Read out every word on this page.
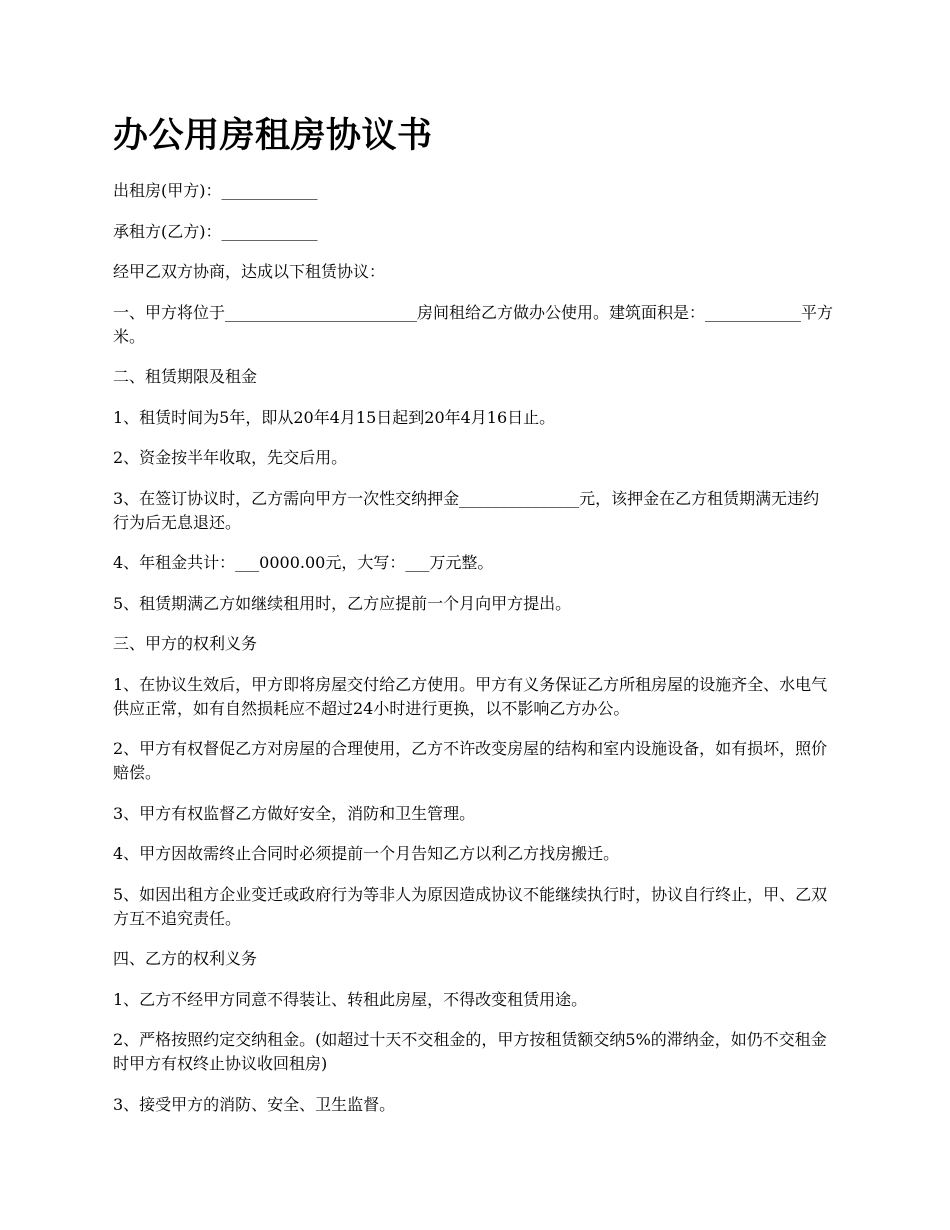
办公用房租房协议书

出租房(甲方)：____________

承租方(乙方)：____________

经甲乙双方协商，达成以下租赁协议：

一、甲方将位于________________________房间租给乙方做办公使用。建筑面积是：____________平方米。

二、租赁期限及租金

1、租赁时间为5年，即从20年4月15日起到20年4月16日止。

2、资金按半年收取，先交后用。

3、在签订协议时，乙方需向甲方一次性交纳押金_______________元，该押金在乙方租赁期满无违约行为后无息退还。

4、年租金共计：___0000.00元，大写：___万元整。

5、租赁期满乙方如继续租用时，乙方应提前一个月向甲方提出。

三、甲方的权利义务

1、在协议生效后，甲方即将房屋交付给乙方使用。甲方有义务保证乙方所租房屋的设施齐全、水电气供应正常，如有自然损耗应不超过24小时进行更换，以不影响乙方办公。

2、甲方有权督促乙方对房屋的合理使用，乙方不许改变房屋的结构和室内设施设备，如有损坏，照价赔偿。

3、甲方有权监督乙方做好安全，消防和卫生管理。

4、甲方因故需终止合同时必须提前一个月告知乙方以利乙方找房搬迁。

5、如因出租方企业变迁或政府行为等非人为原因造成协议不能继续执行时，协议自行终止，甲、乙双方互不追究责任。

四、乙方的权利义务

1、乙方不经甲方同意不得装让、转租此房屋，不得改变租赁用途。

2、严格按照约定交纳租金。(如超过十天不交租金的，甲方按租赁额交纳5%的滞纳金，如仍不交租金时甲方有权终止协议收回租房)

3、接受甲方的消防、安全、卫生监督。
